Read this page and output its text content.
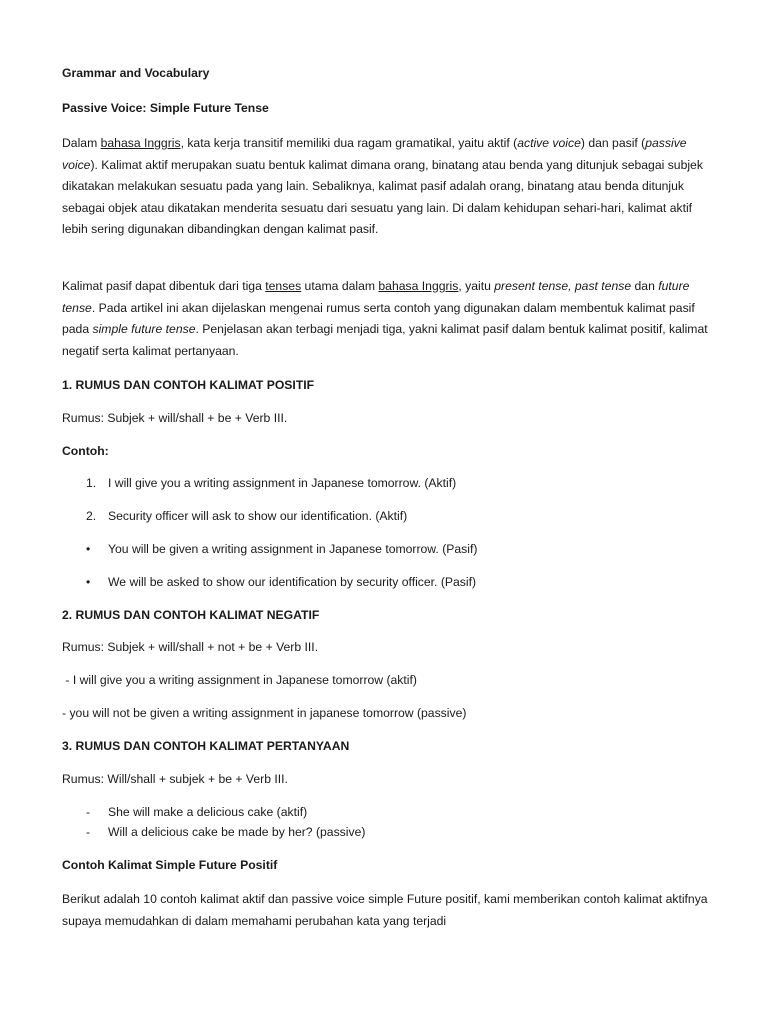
Grammar and Vocabulary
Passive Voice: Simple Future Tense
Dalam bahasa Inggris, kata kerja transitif memiliki dua ragam gramatikal, yaitu aktif (active voice) dan pasif (passive voice). Kalimat aktif merupakan suatu bentuk kalimat dimana orang, binatang atau benda yang ditunjuk sebagai subjek dikatakan melakukan sesuatu pada yang lain. Sebaliknya, kalimat pasif adalah orang, binatang atau benda ditunjuk sebagai objek atau dikatakan menderita sesuatu dari sesuatu yang lain. Di dalam kehidupan sehari-hari, kalimat aktif lebih sering digunakan dibandingkan dengan kalimat pasif.
Kalimat pasif dapat dibentuk dari tiga tenses utama dalam bahasa Inggris, yaitu present tense, past tense dan future tense. Pada artikel ini akan dijelaskan mengenai rumus serta contoh yang digunakan dalam membentuk kalimat pasif pada simple future tense. Penjelasan akan terbagi menjadi tiga, yakni kalimat pasif dalam bentuk kalimat positif, kalimat negatif serta kalimat pertanyaan.
1. RUMUS DAN CONTOH KALIMAT POSITIF
Rumus: Subjek + will/shall + be + Verb III.
Contoh:
1. I will give you a writing assignment in Japanese tomorrow. (Aktif)
2. Security officer will ask to show our identification. (Aktif)
• You will be given a writing assignment in Japanese tomorrow. (Pasif)
• We will be asked to show our identification by security officer. (Pasif)
2. RUMUS DAN CONTOH KALIMAT NEGATIF
Rumus: Subjek + will/shall + not + be + Verb III.
- I will give you a writing assignment in Japanese tomorrow (aktif)
- you will not be given a writing assignment in japanese tomorrow (passive)
3. RUMUS DAN CONTOH KALIMAT PERTANYAAN
Rumus: Will/shall + subjek + be + Verb III.
- She will make a delicious cake (aktif)
- Will a delicious cake be made by her? (passive)
Contoh Kalimat Simple Future Positif
Berikut adalah 10 contoh kalimat aktif dan passive voice simple Future positif, kami memberikan contoh kalimat aktifnya supaya memudahkan di dalam memahami perubahan kata yang terjadi
